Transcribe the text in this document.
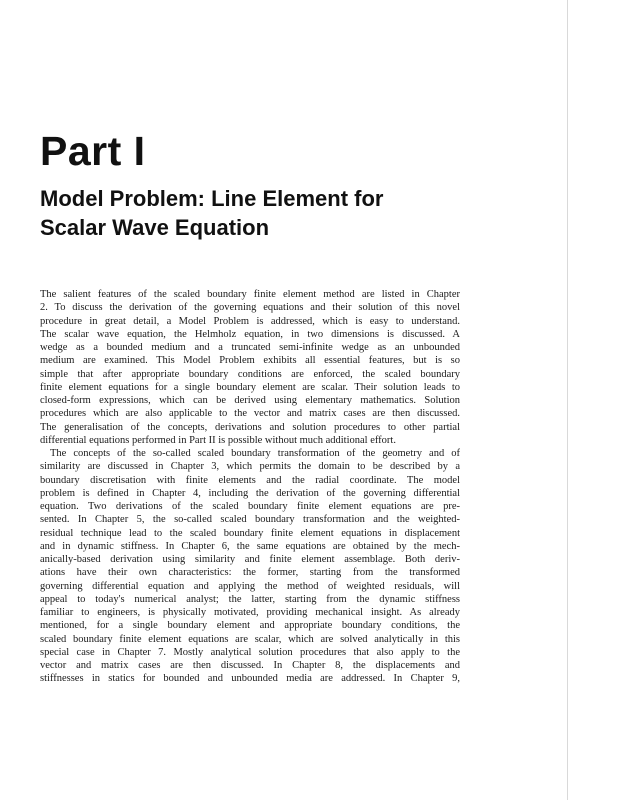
Part I
Model Problem: Line Element for
Scalar Wave Equation
The salient features of the scaled boundary finite element method are listed in Chapter
2. To discuss the derivation of the governing equations and their solution of this novel
procedure in great detail, a Model Problem is addressed, which is easy to understand.
The scalar wave equation, the Helmholz equation, in two dimensions is discussed. A
wedge as a bounded medium and a truncated semi-infinite wedge as an unbounded
medium are examined. This Model Problem exhibits all essential features, but is so
simple that after appropriate boundary conditions are enforced, the scaled boundary
finite element equations for a single boundary element are scalar. Their solution leads to
closed-form expressions, which can be derived using elementary mathematics. Solution
procedures which are also applicable to the vector and matrix cases are then discussed.
The generalisation of the concepts, derivations and solution procedures to other partial
differential equations performed in Part II is possible without much additional effort.
The concepts of the so-called scaled boundary transformation of the geometry and of
similarity are discussed in Chapter 3, which permits the domain to be described by a
boundary discretisation with finite elements and the radial coordinate. The model
problem is defined in Chapter 4, including the derivation of the governing differential
equation. Two derivations of the scaled boundary finite element equations are pre-
sented. In Chapter 5, the so-called scaled boundary transformation and the weighted-
residual technique lead to the scaled boundary finite element equations in displacement
and in dynamic stiffness. In Chapter 6, the same equations are obtained by the mech-
anically-based derivation using similarity and finite element assemblage. Both deriv-
ations have their own characteristics: the former, starting from the transformed
governing differential equation and applying the method of weighted residuals, will
appeal to today's numerical analyst; the latter, starting from the dynamic stiffness
familiar to engineers, is physically motivated, providing mechanical insight. As already
mentioned, for a single boundary element and appropriate boundary conditions, the
scaled boundary finite element equations are scalar, which are solved analytically in this
special case in Chapter 7. Mostly analytical solution procedures that also apply to the
vector and matrix cases are then discussed. In Chapter 8, the displacements and
stiffnesses in statics for bounded and unbounded media are addressed. In Chapter 9,
